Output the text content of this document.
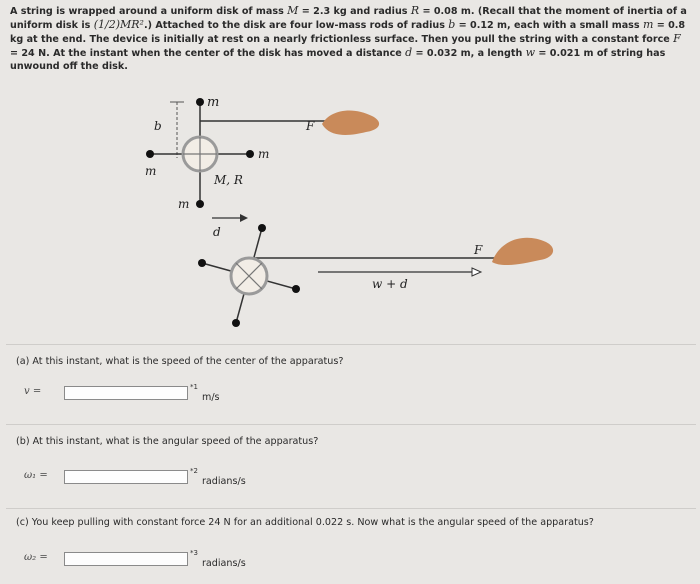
A string is wrapped around a uniform disk of mass M = 2.3 kg and radius R = 0.08 m. (Recall that the moment of inertia of a uniform disk is (1/2)MR².) Attached to the disk are four low-mass rods of radius b = 0.12 m, each with a small mass m = 0.8 kg at the end. The device is initially at rest on a nearly frictionless surface. Then you pull the string with a constant force F = 24 N. At the instant when the center of the disk has moved a distance d = 0.032 m, a length w = 0.021 m of string has unwound off the disk.
m
b	F
m
m
M, R
m
d
w + d
F
(a) At this instant, what is the speed of the center of the apparatus?
v =	*1
m/s
(b) At this instant, what is the angular speed of the apparatus?
ω₁ =	*2
radians/s
(c) You keep pulling with constant force 24 N for an additional 0.022 s. Now what is the angular speed of the apparatus?
ω₂ =	*3
radians/s
